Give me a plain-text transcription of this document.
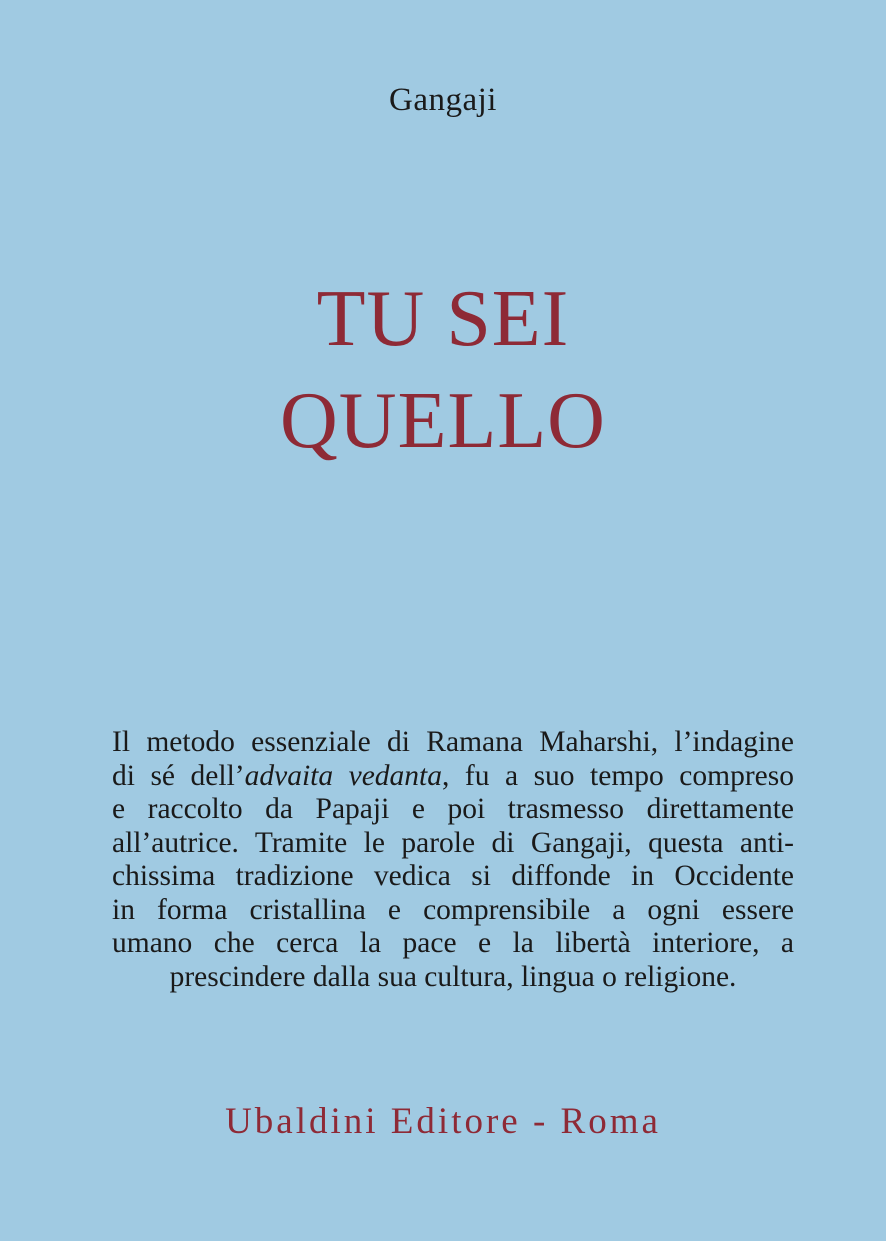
Gangaji
TU SEI
QUELLO
Il metodo essenziale di Ramana Maharshi, l’indagine
di sé dell’advaita vedanta, fu a suo tempo compreso
e raccolto da Papaji e poi trasmesso direttamente
all’autrice. Tramite le parole di Gangaji, questa anti-
chissima tradizione vedica si diffonde in Occidente
in forma cristallina e comprensibile a ogni essere
umano che cerca la pace e la libertà interiore, a
prescindere dalla sua cultura, lingua o religione.
Ubaldini Editore - Roma
